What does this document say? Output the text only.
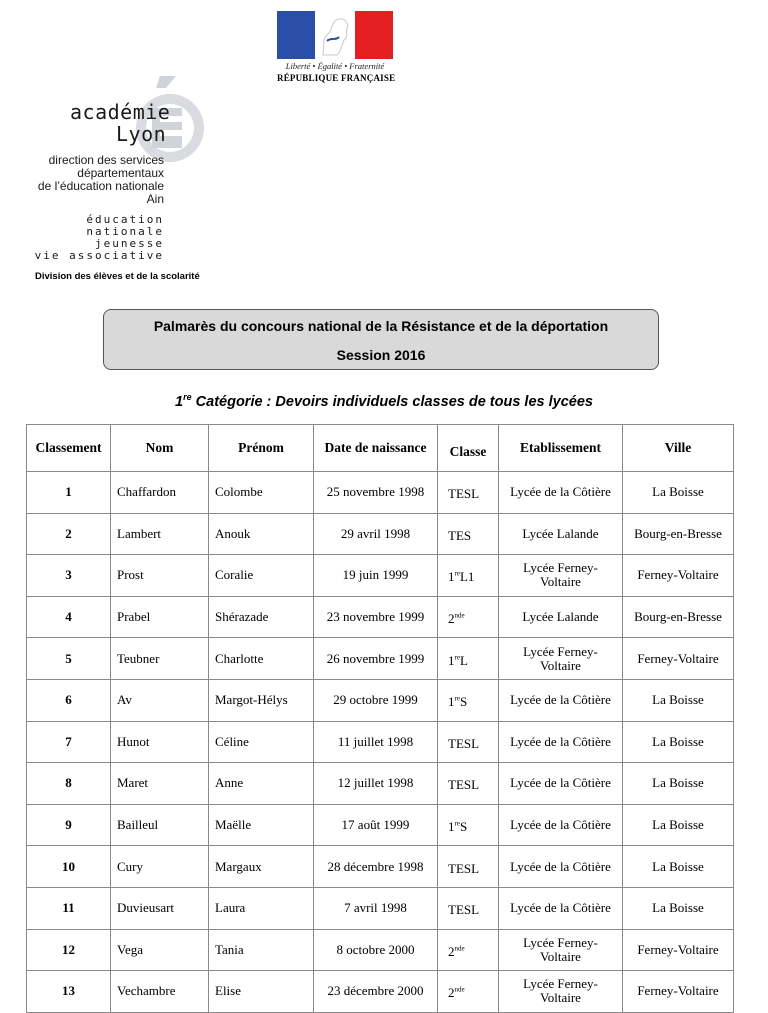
Liberté • Égalité • Fraternité
RÉPUBLIQUE FRANÇAISE
académie
Lyon
direction des services
départementaux
de l’éducation nationale
Ain
éducation
nationale
jeunesse
vie associative
Division des élèves et de la scolarité
Palmarès du concours national de la Résistance et de la déportation
Session 2016
1re Catégorie : Devoirs individuels classes de tous les lycées
Classement	Nom	Prénom	Date de naissance	Classe	Etablissement	Ville
1	Chaffardon	Colombe	25 novembre 1998	TESL	Lycée de la Côtière	La Boisse
2	Lambert	Anouk	29 avril 1998	TES	Lycée Lalande	Bourg-en-Bresse
3	Prost	Coralie	19 juin 1999	1reL1	Lycée Ferney-Voltaire	Ferney-Voltaire
4	Prabel	Shérazade	23 novembre 1999	2nde	Lycée Lalande	Bourg-en-Bresse
5	Teubner	Charlotte	26 novembre 1999	1reL	Lycée Ferney-Voltaire	Ferney-Voltaire
6	Av	Margot-Hélys	29 octobre 1999	1reS	Lycée de la Côtière	La Boisse
7	Hunot	Céline	11 juillet 1998	TESL	Lycée de la Côtière	La Boisse
8	Maret	Anne	12 juillet 1998	TESL	Lycée de la Côtière	La Boisse
9	Bailleul	Maëlle	17 août 1999	1reS	Lycée de la Côtière	La Boisse
10	Cury	Margaux	28 décembre 1998	TESL	Lycée de la Côtière	La Boisse
11	Duvieusart	Laura	7 avril 1998	TESL	Lycée de la Côtière	La Boisse
12	Vega	Tania	8 octobre 2000	2nde	Lycée Ferney-Voltaire	Ferney-Voltaire
13	Vechambre	Elise	23 décembre 2000	2nde	Lycée Ferney-Voltaire	Ferney-Voltaire
